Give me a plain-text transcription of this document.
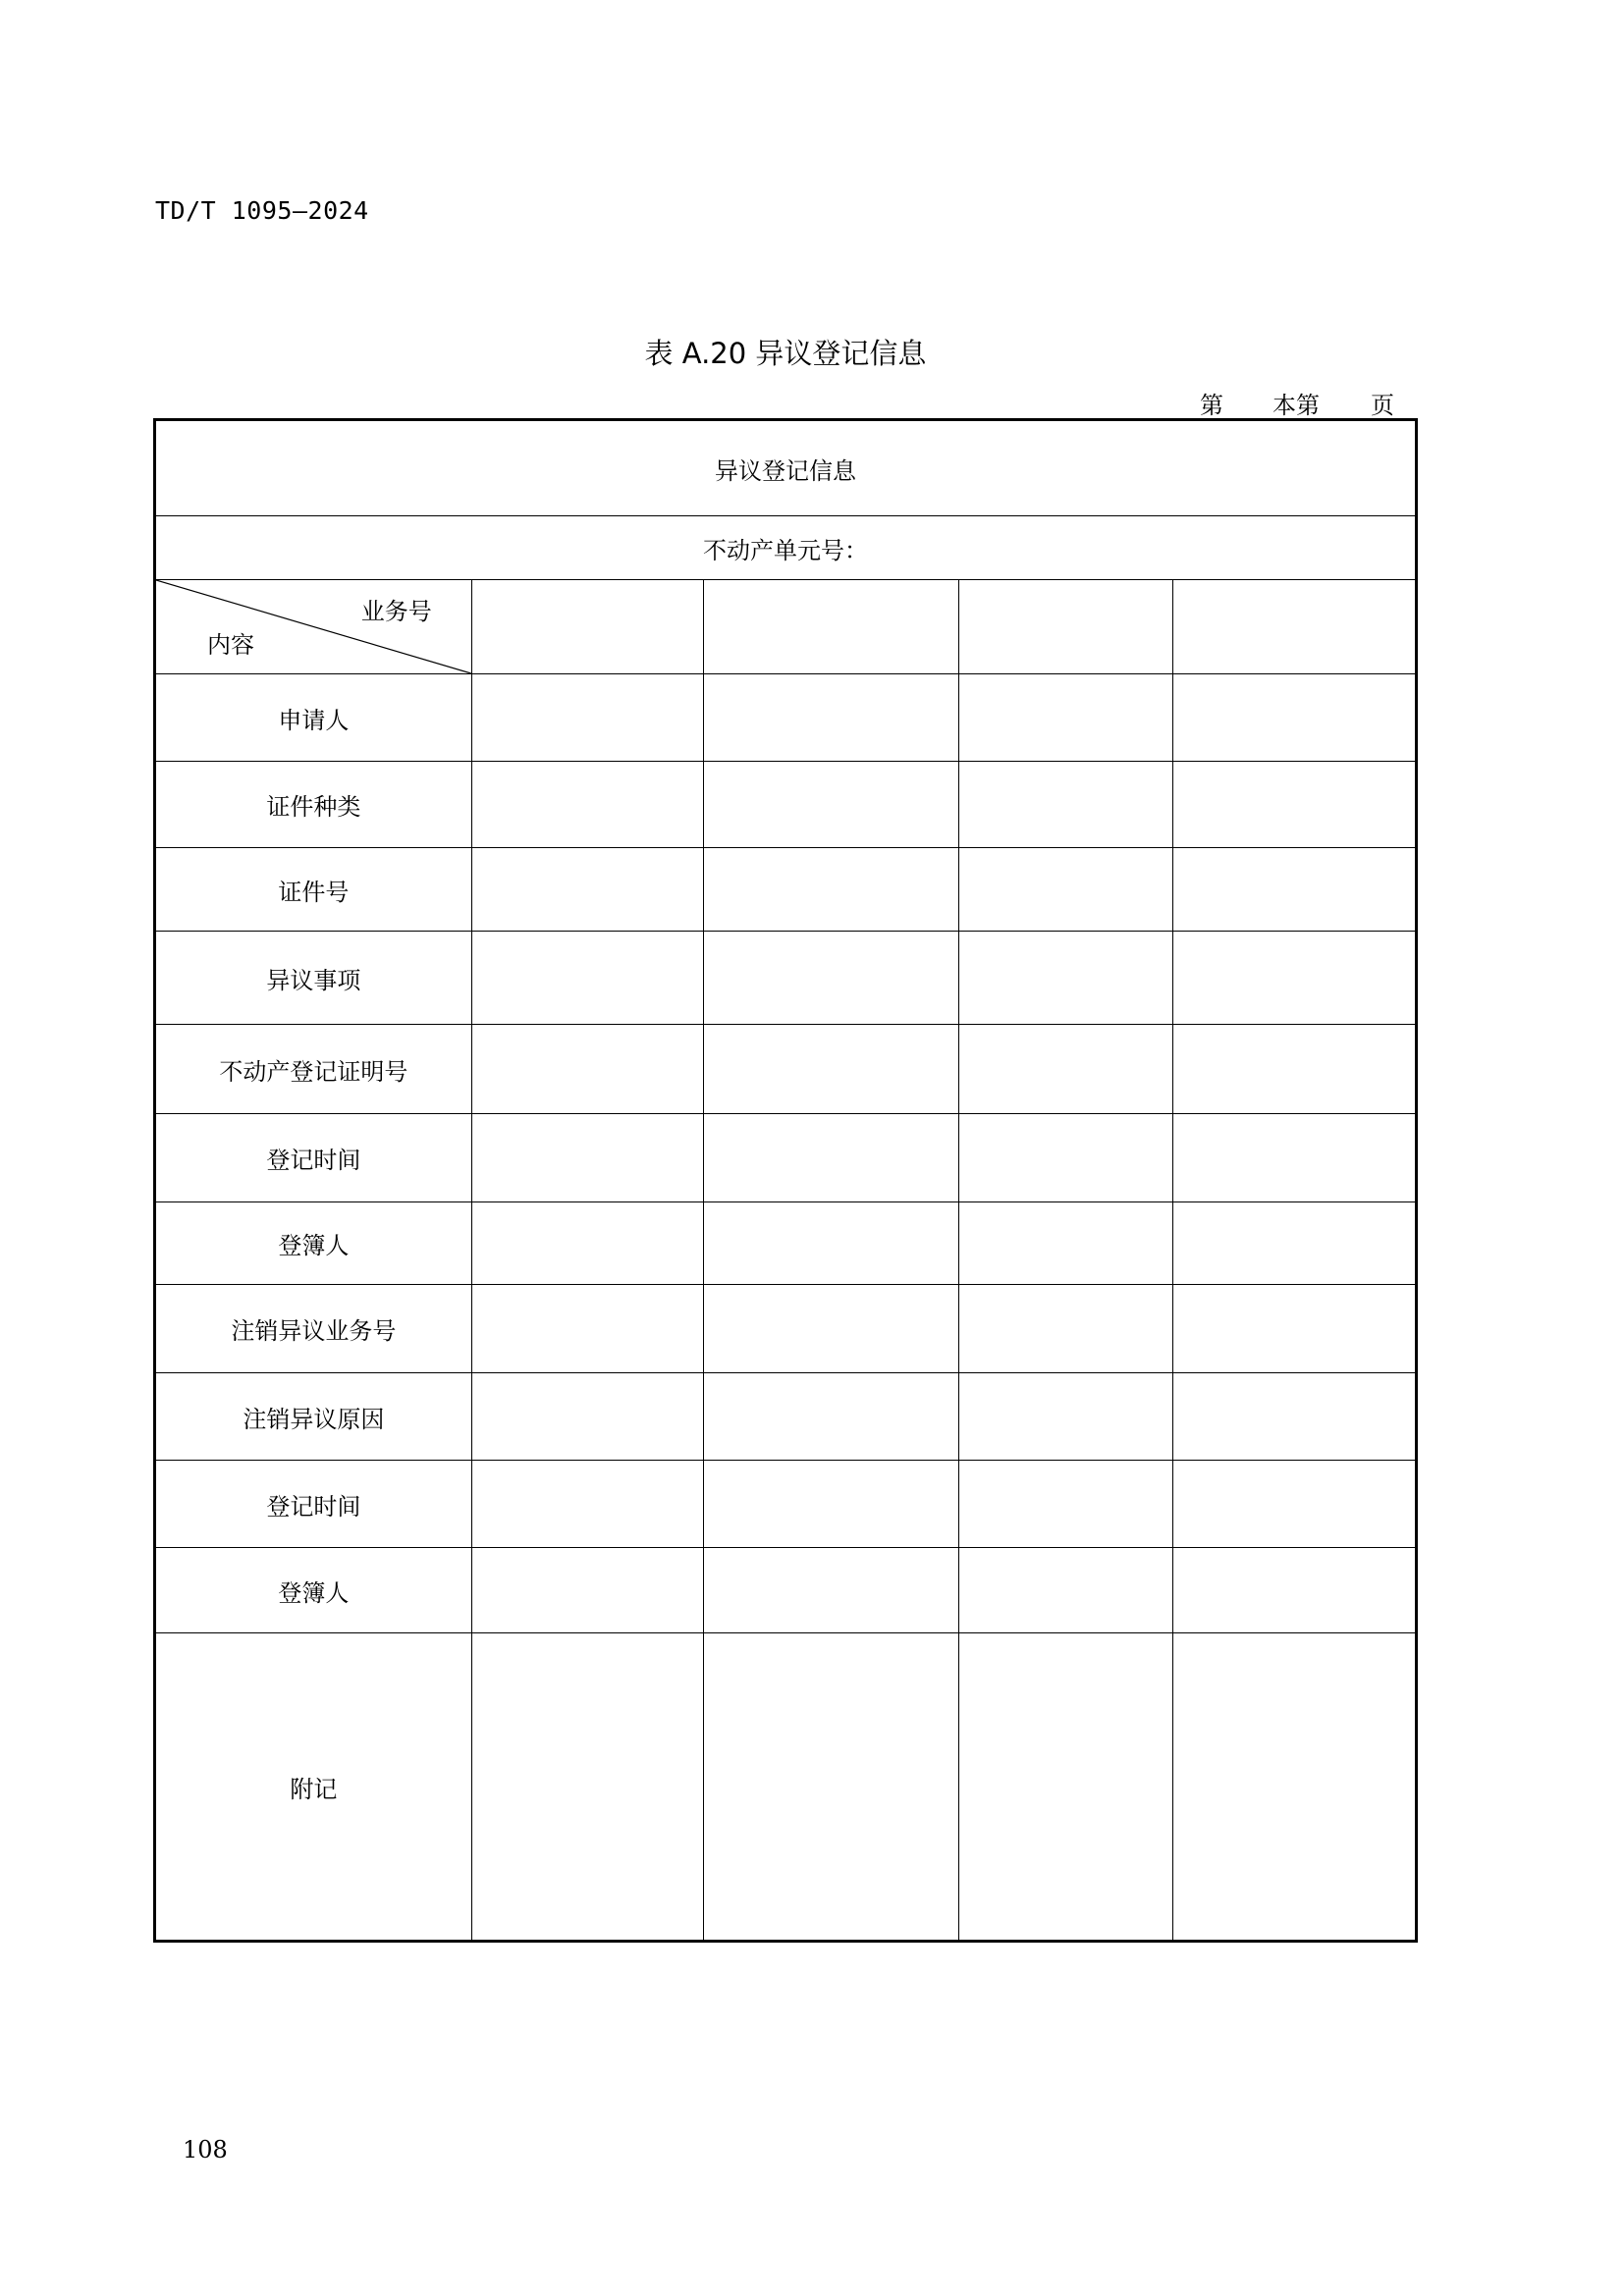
TD/T 1095—2024
表 A.20 异议登记信息
第 本 第 页
异议登记信息				
不动产单元号：				

业务号
内容				

申请人				
证件种类				
证件号				
异议事项				
不动产登记证明号				
登记时间				
登簿人				
注销异议业务号				
注销异议原因				
登记时间				
登簿人				
附记				
108
